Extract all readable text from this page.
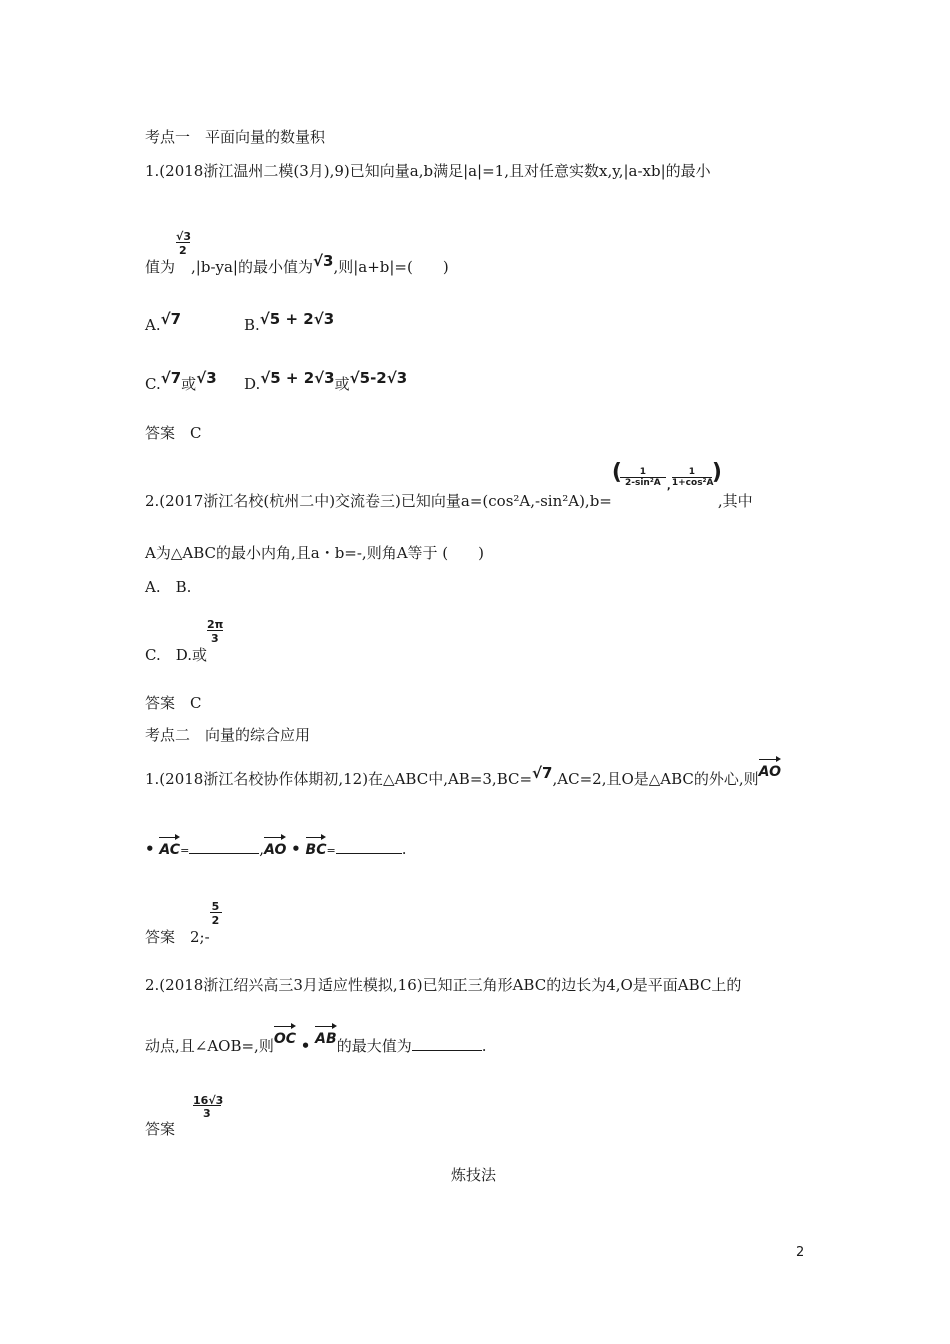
考点一　平面向量的数量积
1.(2018浙江温州二模(3月),9)已知向量a,b满足|a|=1,且对任意实数x,y,|a-xb|的最小
值为 $\frac{√3}{2} ,|b-ya|$的最小值为√3,则|a+b|=(　　)
A.√7	B.√5 + 2√3
C.√7或√3 D.√5 + 2√3或√5-2√3
答案　C
2.(2017浙江名校(杭州二中)交流卷三)已知向量a=(cos²A,-sin²A),b=
(	1
2-sin²A ,
1
1+cos²A
)
,其中
A为△ABC的最小内角,且a・b=-,则角A等于 (　　)
A.　B.
C.　D.或 $\frac{2\pi}{3}$
答案　C
考点二　向量的综合应用
1.(2018浙江名校协作体期初,12)在△ABC中,AB=3,BC=√7,AC=2,且O是△ABC的外心,则
AO
• AC=	,
AO • BC=	.
答案　2;- $\frac{5}{2}$
2.(2018浙江绍兴高三3月适应性模拟,16)已知正三角形ABC的边长为4,O是平面ABC上的
动点,且∠AOB=,则
OC • AB的最大值为	.
答案
16√3
3
炼技法
2
